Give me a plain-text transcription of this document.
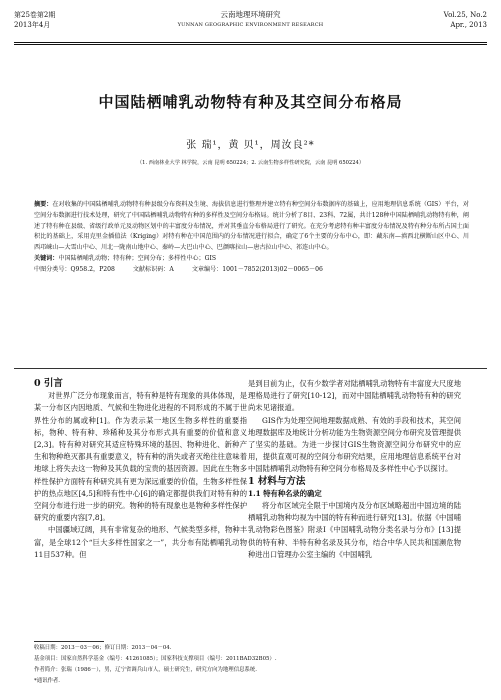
第25卷第2期
2013年4月
云南地理环境研究
YUNNAN GEOGRAPHIC ENVIRONMENT RESEARCH
Vol.25, No.2
Apr., 2013
中国陆栖哺乳动物特有种及其空间分布格局
张 瑞¹，黄 贝¹，周汝良²*
（1. 西南林业大学 林学院，云南 昆明 650224；2. 云南生物多样性研究院，云南 昆明 650224）

摘要：在对收集的中国陆栖哺乳动物特有种县级分布资料及生境、海拔信息进行整理并建立特有种空间分布数据库的基础上，应用地理信息系统（GIS）平台，对空间分布数据进行技术处理，研究了中国陆栖哺乳动物特有种的多样性及空间分布格局。统计分析了8目、23科、72属，共计128种中国陆栖哺乳动物特有种，阐述了特有种在县级、省级行政单元及动物区划中的丰富度分布情况，并对其垂直分布格局进行了研究。在充分考虑特有种丰富度分布情况及特有种分布所占国土面积比的基础上，采用克里金插值法（Kriging）对特有种在中国范围内的分布情况进行拟合，确定了6个主要的分布中心，即：藏东南—滇西北横断山区中心、川西邛崃山—大雪山中心、川北一陇南山地中心、秦岭—大巴山中心、巴颜喀拉山—唐古拉山中心、祁连山中心。

关键词：中国陆栖哺乳动物；特有种；空间分布；多样性中心；GIS

中图分类号：Q958.2，P208	文献标识码：A	文章编号：1001－7852(2013)02－0065－06

0 引言

对世界广泛分布现象而言，特有种是特有现象的具体体现，是某一分布区内因地质、气候和生物进化进程的不同形成的不属于世界性分布的属或种[1]。作为表示某一地区生物多样性的重要指标，物种、特有种、珍稀种及其分布形式具有重要的价值和意义[2,3]。特有种对研究其适应特殊环境的基因、物种进化、新种产生和物种绝灭都具有重要意义，特有种的消失或者灭绝往往意味着地球上将失去这一物种及其负载的宝贵的基因资源。因此在生物多样性保护方面特有种研究具有更为深远重要的价值，生物多样性保护的热点地区[4,5]和特有性中心[6]的确定都提供我们对特有种的空间分布进行进一步的研究。物种的特有现象也是物种多样性保护研究的重要内容[7,8]。

中国疆域辽阔，具有非常复杂的地形、气候类型多样，物种丰富，是全球12个“巨大多样性国家之一”，共分布有陆栖哺乳动物11目537种。但

是到目前为止，仅有少数学者对陆栖哺乳动物特有丰富度大尺度地理格局进行了研究[10-12]，而对中国陆栖哺乳动物特有种的研究尚未见诸报道。

GIS作为处理空间地理数据成熟、有效的手段和技术，其空间地理数据库及地统计分析功能为生物资源空间分布研究及管理提供了坚实的基础。为进一步探讨GIS生物资源空间分布研究中的应用，提供直观可视的空间分布研究结果，应用地理信息系统平台对中国陆栖哺乳动物特有种空间分布格局及多样性中心予以探讨。

1 材料与方法

1.1 特有种名录的确定

将分布区域完全限于中国境内及分布区域略超出中国边境的陆栖哺乳动物种均视为中国的特有种而进行研究[13]。依据《中国哺乳动物彩色图鉴》附录Ⅰ《中国哺乳动物分类名录与分布》[13]提供的特有种、半特有种名录及其分布，结合中华人民共和国濒危物种进出口管理办公室主编的《中国哺乳

收稿日期：2013－03－06；修订日期：2013－04－04.

基金项目：国家自然科学基金（编号：41261085）；国家科技支撑项目（编号：2011BAD32B05）.

作者简介：张瑞（1986－），男，辽宁省调兵山市人，硕士研究生，研究方向为地理信息系统.

*通讯作者.
